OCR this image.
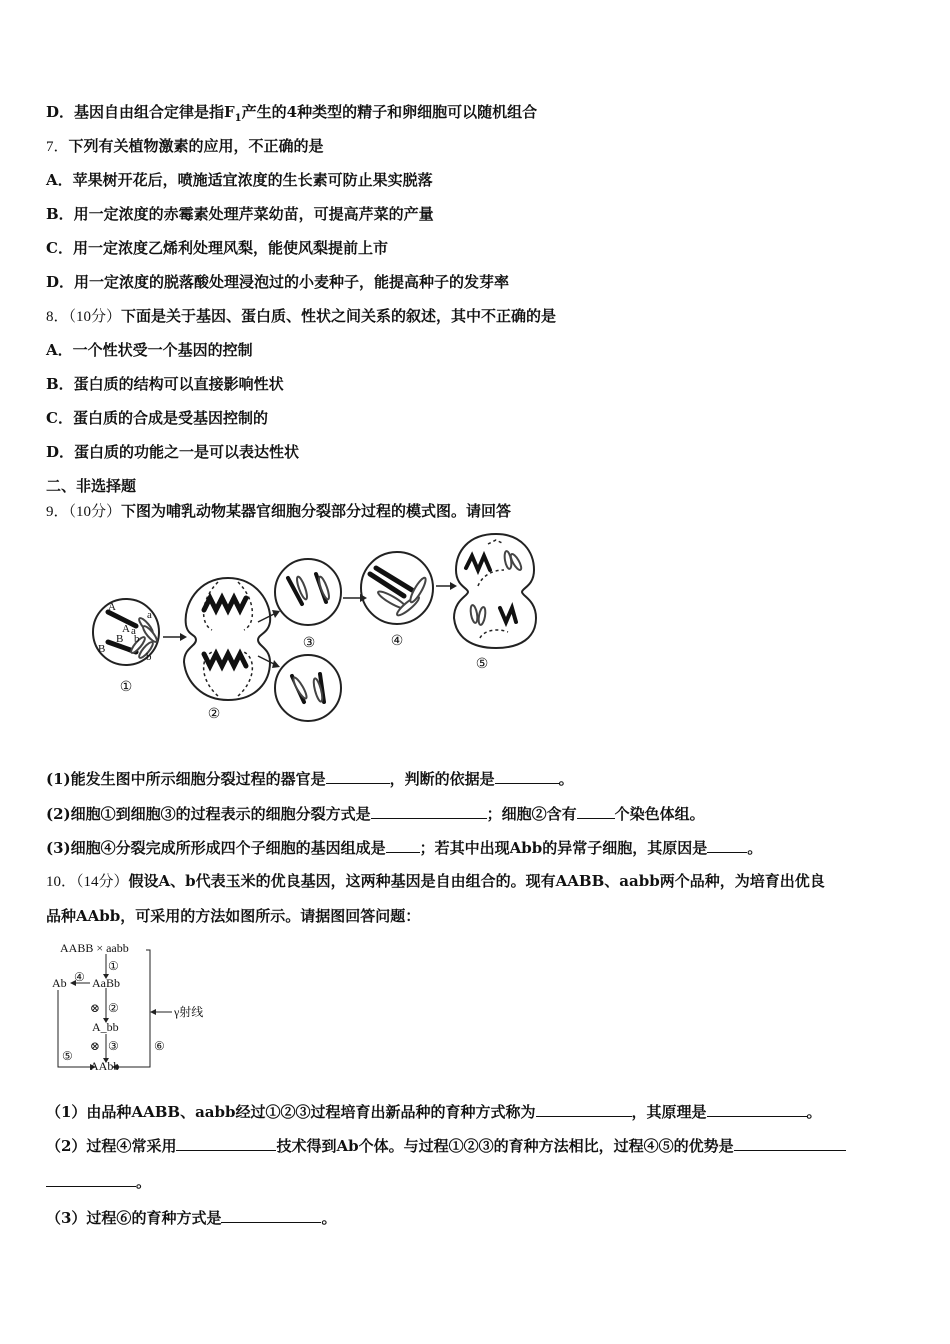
D．基因自由组合定律是指$F_1$产生的4种类型的精子和卵细胞可以随机组合
7．下列有关植物激素的应用，不正确的是
A．苹果树开花后，喷施适宜浓度的生长素可防止果实脱落
B．用一定浓度的赤霉素处理芹菜幼苗，可提高芹菜的产量
C．用一定浓度乙烯利处理风梨，能使风梨提前上市
D．用一定浓度的脱落酸处理浸泡过的小麦种子，能提高种子的发芽率
8．（10分）下面是关于基因、蛋白质、性状之间关系的叙述，其中不正确的是
A．一个性状受一个基因的控制
B．蛋白质的结构可以直接影响性状
C．蛋白质的合成是受基因控制的
D．蛋白质的功能之一是可以表达性状
二、非选择题
9．（10分）下图为哺乳动物某器官细胞分裂部分过程的模式图。请回答
A
a
A a
B
B
b
b
①
②
③	④
⑤
(1)能发生图中所示细胞分裂过程的器官是	，判断的依据是	。
(2)细胞①到细胞③的过程表示的细胞分裂方式是	；细胞②含有	个染色体组。
(3)细胞④分裂完成所形成四个子细胞的基因组成是 ；若其中出现Abb的异常子细胞，其原因是	。
10．（14分）假设A、b代表玉米的优良基因，这两种基因是自由组合的。现有AABB、aabb两个品种，为培育出优良
品种AAbb，可采用的方法如图所示。请据图回答问题：
AABB × aabb
①
AaBb
④
Ab
⊗ ②
A_bb
⊗ ③
⑤
AAbb
γ射线
⑥
（1）由品种AABB、aabb经过①②③过程培育出新品种的育种方式称为	，其原理是	。
（2）过程④常采用	技术得到Ab个体。与过程①②③的育种方法相比，过程④⑤的优势是
。
（3）过程⑥的育种方式是	。
